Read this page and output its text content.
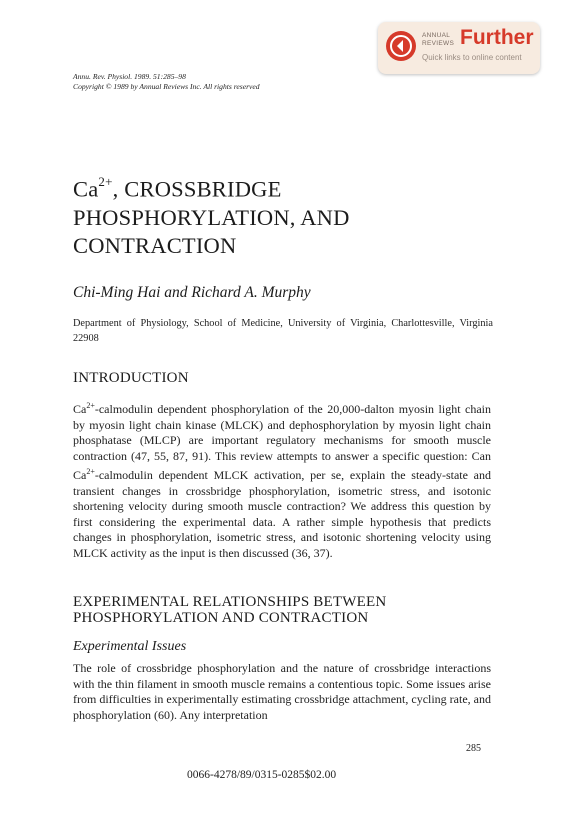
ANNUAL REVIEWS Further
Quick links to online content
Annu. Rev. Physiol. 1989. 51:285–98
Copyright © 1989 by Annual Reviews Inc. All rights reserved
$Ca^{2+}$, CROSSBRIDGE
PHOSPHORYLATION, AND
CONTRACTION
Chi-Ming Hai and Richard A. Murphy
Department of Physiology, School of Medicine, University of Virginia, Charlottesville, Virginia 22908
INTRODUCTION

$Ca^{2+}$-calmodulin dependent phosphorylation of the 20,000-dalton myosin light chain by myosin light chain kinase (MLCK) and dephosphorylation by myosin light chain phosphatase (MLCP) are important regulatory mechanisms for smooth muscle contraction (47, 55, 87, 91). This review attempts to answer a specific question: Can $Ca^{2+}$-calmodulin dependent MLCK activation, per se, explain the steady-state and transient changes in crossbridge phosphorylation, isometric stress, and isotonic shortening velocity during smooth muscle contraction? We address this question by first considering the experimental data. A rather simple hypothesis that predicts changes in phosphorylation, isometric stress, and isotonic shortening velocity using MLCK activity as the input is then discussed (36, 37).

EXPERIMENTAL RELATIONSHIPS BETWEEN
PHOSPHORYLATION AND CONTRACTION
Experimental Issues

The role of crossbridge phosphorylation and the nature of crossbridge interactions with the thin filament in smooth muscle remains a contentious topic. Some issues arise from difficulties in experimentally estimating crossbridge attachment, cycling rate, and phosphorylation (60). Any interpretation

285
0066-4278/89/0315-0285$02.00
